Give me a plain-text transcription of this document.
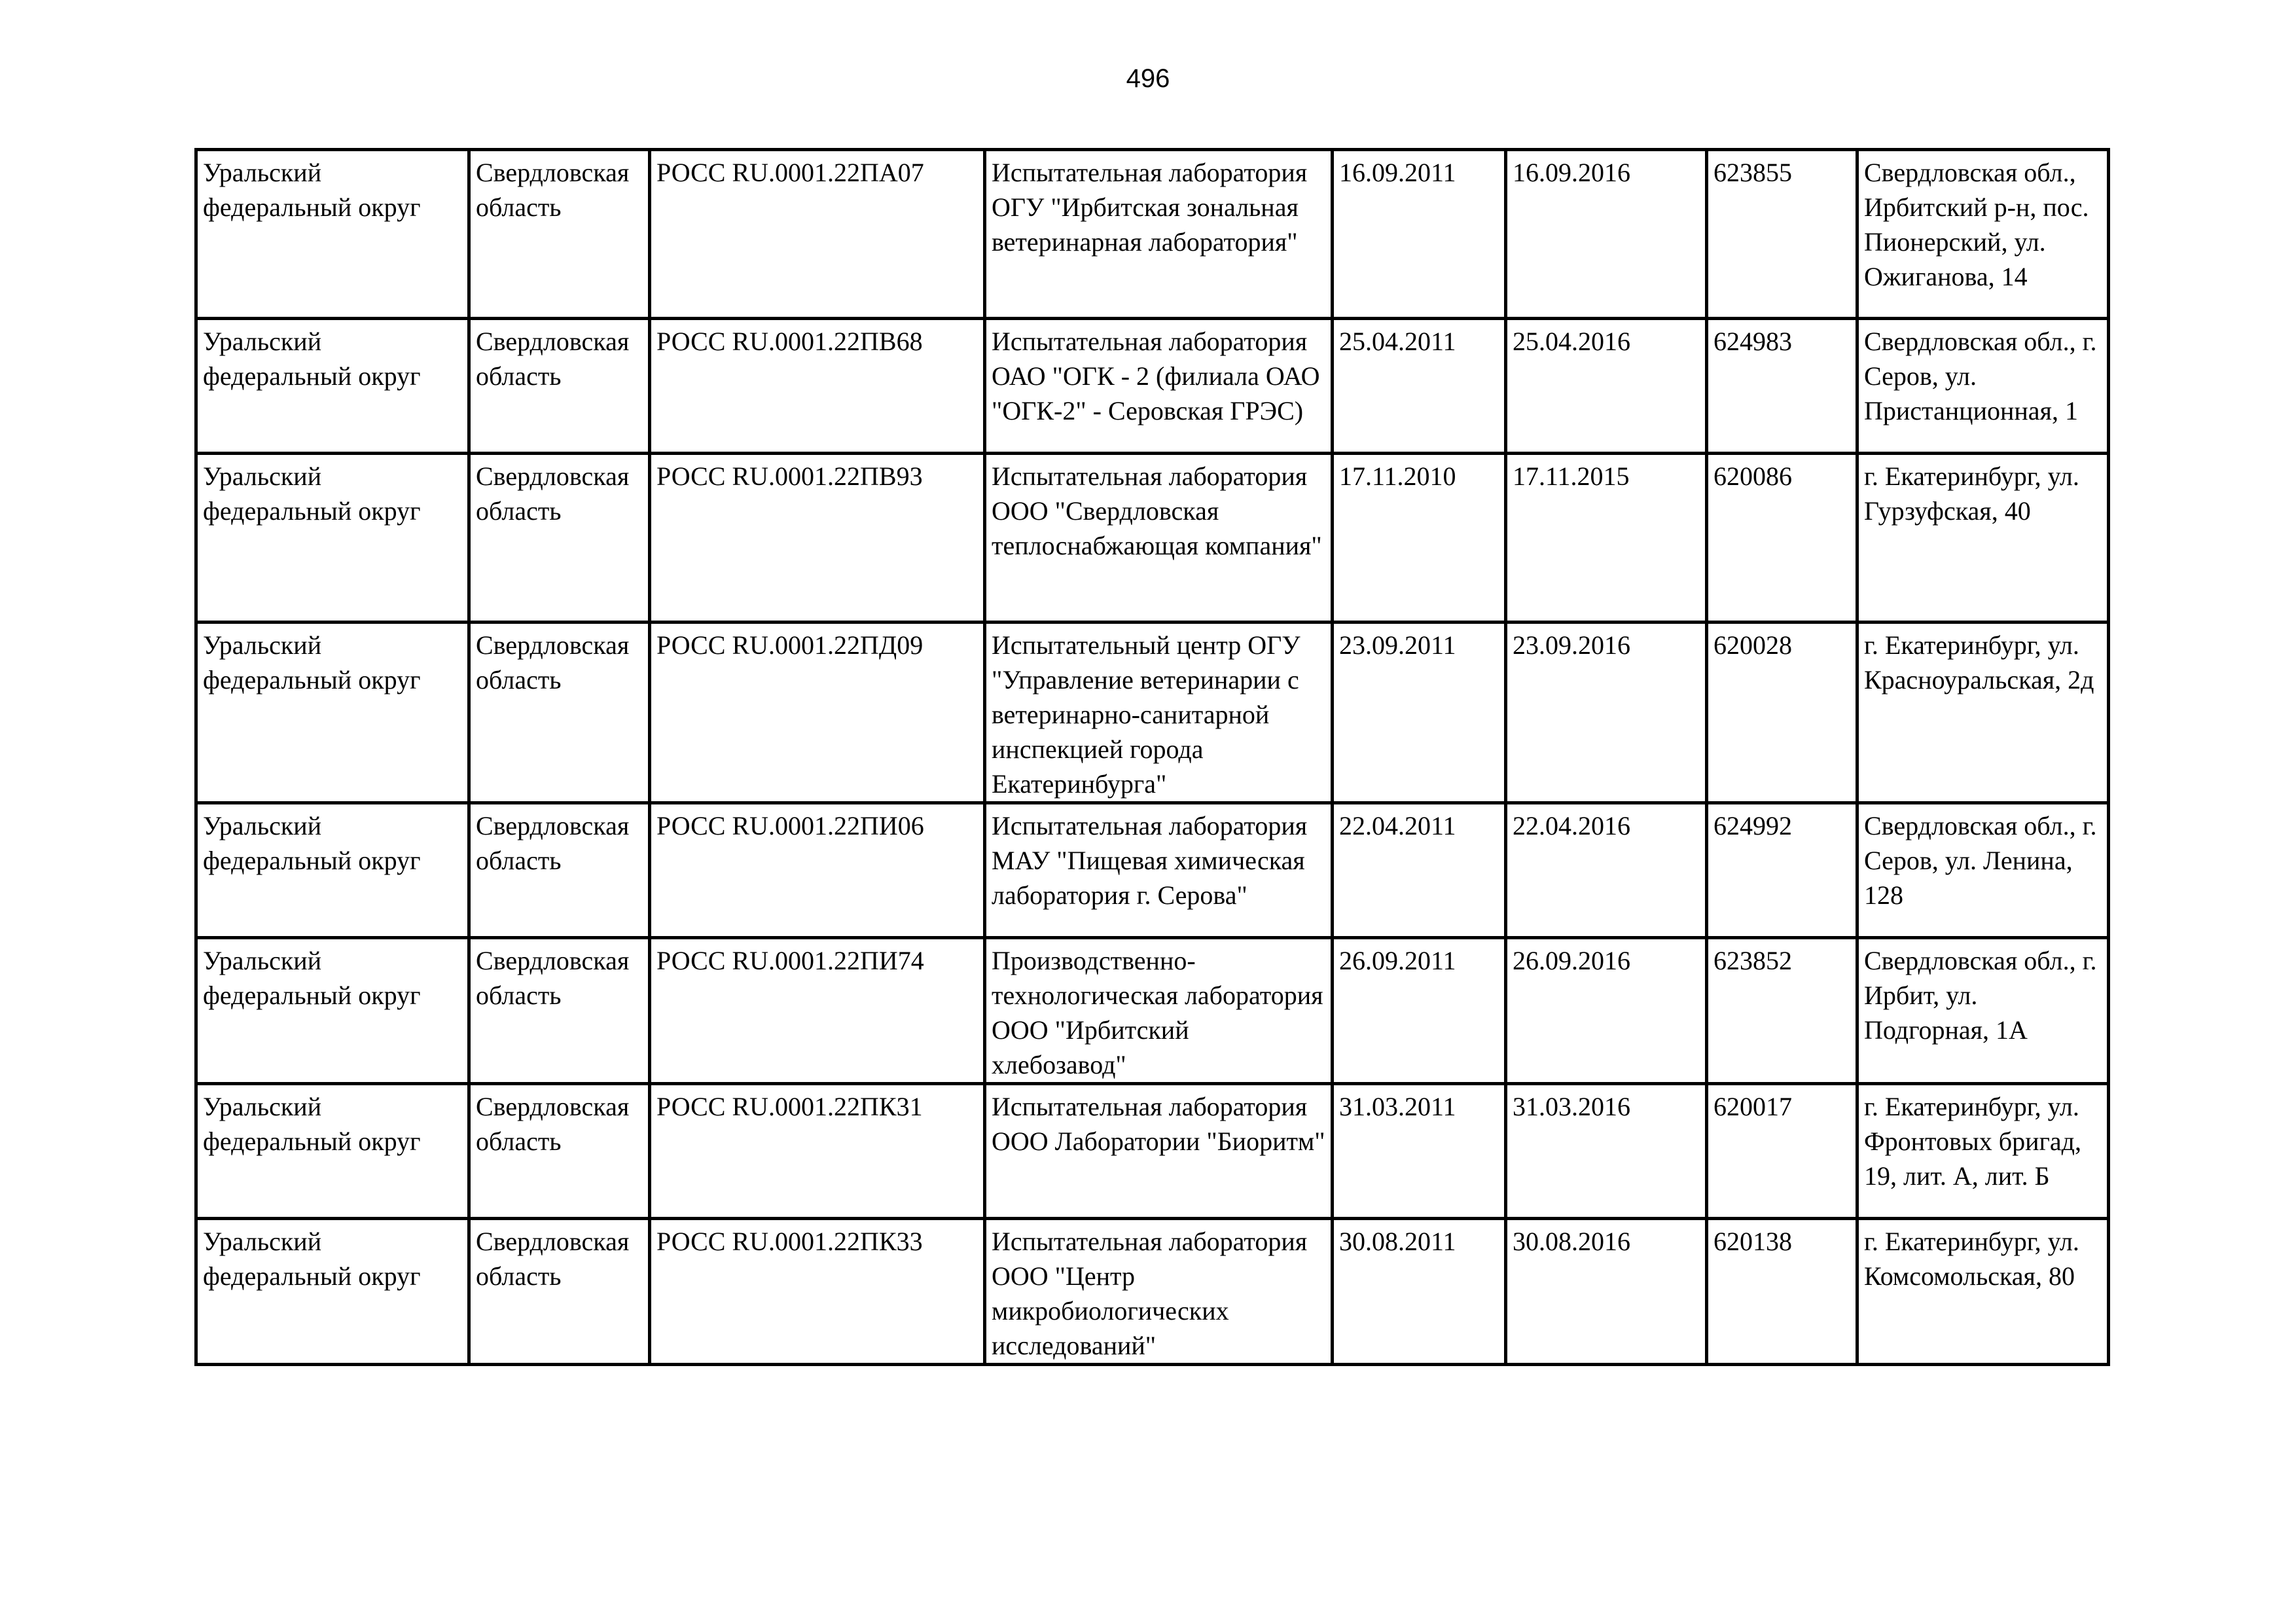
496
Уральский федеральный округ	Свердловская область	РОСС RU.0001.22ПА07	Испытательная лаборатория ОГУ "Ирбитская зональная ветеринарная лаборатория"	16.09.2011	16.09.2016	623855	Свердловская обл., Ирбитский р-н, пос. Пионерский, ул. Ожиганова, 14
Уральский федеральный округ	Свердловская область	РОСС RU.0001.22ПВ68	Испытательная лаборатория ОАО "ОГК - 2 (филиала ОАО "ОГК-2" - Серовская ГРЭС)	25.04.2011	25.04.2016	624983	Свердловская обл., г. Серов, ул. Пристанционная, 1
Уральский федеральный округ	Свердловская область	РОСС RU.0001.22ПВ93	Испытательная лаборатория ООО "Свердловская теплоснабжающая компания"	17.11.2010	17.11.2015	620086	г. Екатеринбург, ул. Гурзуфская, 40
Уральский федеральный округ	Свердловская область	РОСС RU.0001.22ПД09	Испытательный центр ОГУ "Управление ветеринарии с ветеринарно-санитарной инспекцией города Екатеринбурга"	23.09.2011	23.09.2016	620028	г. Екатеринбург, ул. Красноуральская, 2д
Уральский федеральный округ	Свердловская область	РОСС RU.0001.22ПИ06	Испытательная лаборатория МАУ "Пищевая химическая лаборатория г. Серова"	22.04.2011	22.04.2016	624992	Свердловская обл., г. Серов, ул. Ленина, 128
Уральский федеральный округ	Свердловская область	РОСС RU.0001.22ПИ74	Производственно-технологическая лаборатория ООО "Ирбитский хлебозавод"	26.09.2011	26.09.2016	623852	Свердловская обл., г. Ирбит, ул. Подгорная, 1А
Уральский федеральный округ	Свердловская область	РОСС RU.0001.22ПК31	Испытательная лаборатория ООО Лаборатории "Биоритм"	31.03.2011	31.03.2016	620017	г. Екатеринбург, ул. Фронтовых бригад, 19, лит. А, лит. Б
Уральский федеральный округ	Свердловская область	РОСС RU.0001.22ПК33	Испытательная лаборатория ООО "Центр микробиологических исследований"	30.08.2011	30.08.2016	620138	г. Екатеринбург, ул. Комсомольская, 80
